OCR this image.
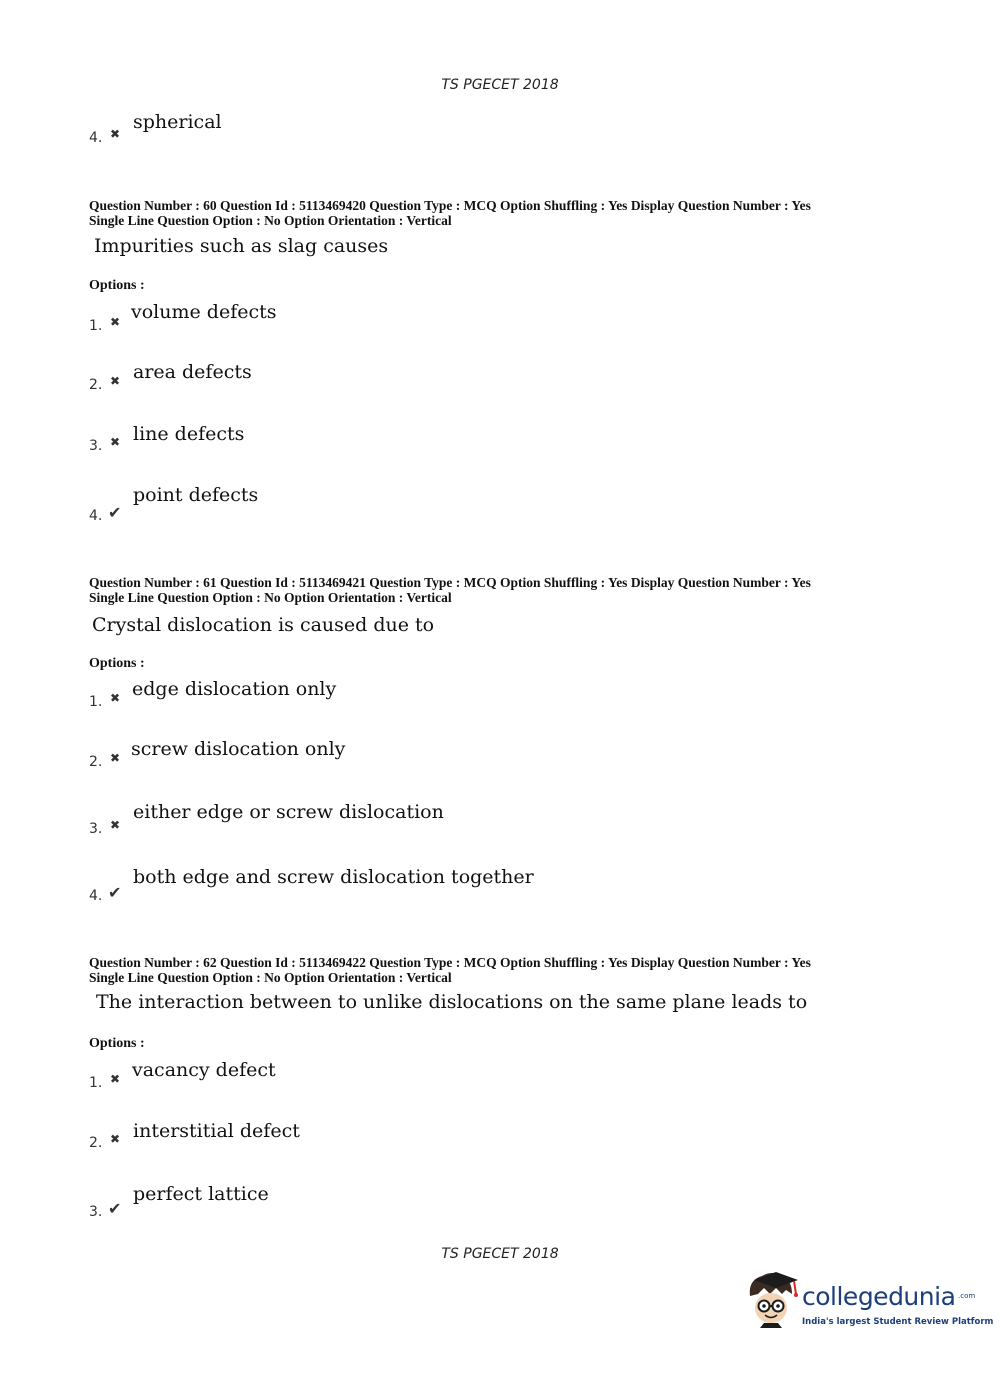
TS PGECET 2018
4. ✖
spherical
Question Number : 60 Question Id : 5113469420 Question Type : MCQ Option Shuffling : Yes Display Question Number : Yes
Single Line Question Option : No Option Orientation : Vertical
Impurities such as slag causes
Options :
1. ✖ volume defects
2. ✖ area defects
3. ✖ line defects
4. ✔
point defects
Question Number : 61 Question Id : 5113469421 Question Type : MCQ Option Shuffling : Yes Display Question Number : Yes
Single Line Question Option : No Option Orientation : Vertical
Crystal dislocation is caused due to
Options :
1. ✖ edge dislocation only
2. ✖ screw dislocation only
3. ✖
either edge or screw dislocation
4. ✔
both edge and screw dislocation together
Question Number : 62 Question Id : 5113469422 Question Type : MCQ Option Shuffling : Yes Display Question Number : Yes
Single Line Question Option : No Option Orientation : Vertical
The interaction between to unlike dislocations on the same plane leads to
Options :
1. ✖ vacancy defect
2. ✖ interstitial defect
3. ✔
perfect lattice
TS PGECET 2018
collegedunia .com
India's largest Student Review Platform
